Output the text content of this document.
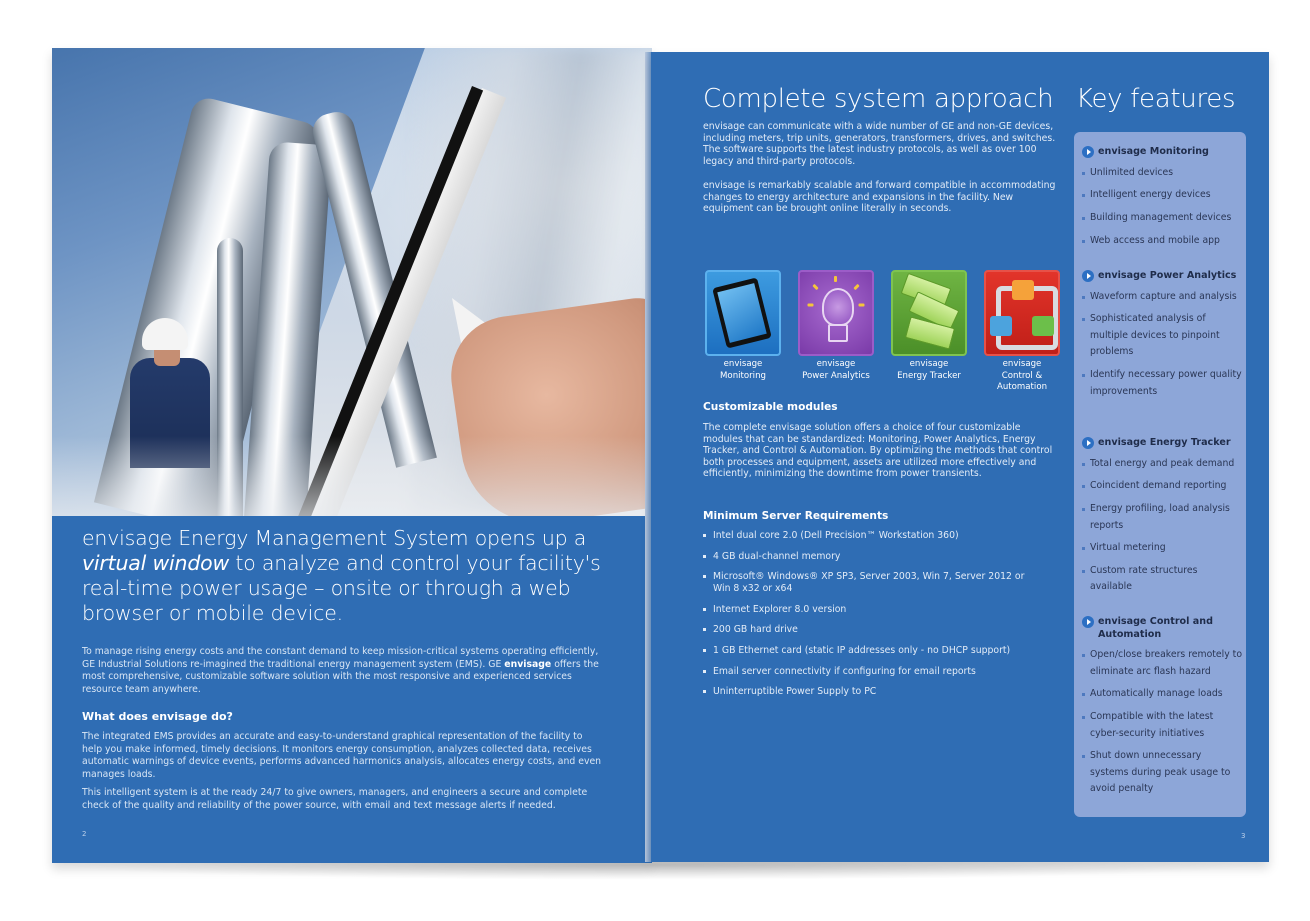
envisage Energy Management System opens up a virtual window to analyze and control your facility's real-time power usage – onsite or through a web browser or mobile device.

To manage rising energy costs and the constant demand to keep mission-critical systems operating efficiently, GE Industrial Solutions re-imagined the traditional energy management system (EMS). GE envisage offers the most comprehensive, customizable software solution with the most responsive and experienced services resource team anywhere.

What does envisage do?

The integrated EMS provides an accurate and easy-to-understand graphical representation of the facility to help you make informed, timely decisions. It monitors energy consumption, analyzes collected data, receives automatic warnings of device events, performs advanced harmonics analysis, allocates energy costs, and even manages loads.

This intelligent system is at the ready 24/7 to give owners, managers, and engineers a secure and complete check of the quality and reliability of the power source, with email and text message alerts if needed.

2
Complete system approach

envisage can communicate with a wide number of GE and non-GE devices, including meters, trip units, generators, transformers, drives, and switches. The software supports the latest industry protocols, as well as over 100 legacy and third-party protocols.

envisage is remarkably scalable and forward compatible in accommodating changes to energy architecture and expansions in the facility. New equipment can be brought online literally in seconds.

envisage
Monitoring
envisage
Power Analytics
envisage
Energy Tracker
envisage
Control & Automation

Customizable modules

The complete envisage solution offers a choice of four customizable modules that can be standardized: Monitoring, Power Analytics, Energy Tracker, and Control & Automation. By optimizing the methods that control both processes and equipment, assets are utilized more effectively and efficiently, minimizing the downtime from power transients.

Minimum Server Requirements

Intel dual core 2.0 (Dell Precision™ Workstation 360)
4 GB dual-channel memory
Microsoft® Windows® XP SP3, Server 2003, Win 7, Server 2012 or Win 8 x32 or x64
Internet Explorer 8.0 version
200 GB hard drive
1 GB Ethernet card (static IP addresses only - no DHCP support)
Email server connectivity if configuring for email reports
Uninterruptible Power Supply to PC
Key features

envisage Monitoring

Unlimited devices
Intelligent energy devices
Building management devices
Web access and mobile app

envisage Power Analytics

Waveform capture and analysis
Sophisticated analysis of multiple devices to pinpoint problems
Identify necessary power quality improvements

envisage Energy Tracker

Total energy and peak demand
Coincident demand reporting
Energy profiling, load analysis reports
Virtual metering
Custom rate structures available

envisage Control and Automation

Open/close breakers remotely to eliminate arc flash hazard
Automatically manage loads
Compatible with the latest cyber-security initiatives
Shut down unnecessary systems during peak usage to avoid penalty
3
